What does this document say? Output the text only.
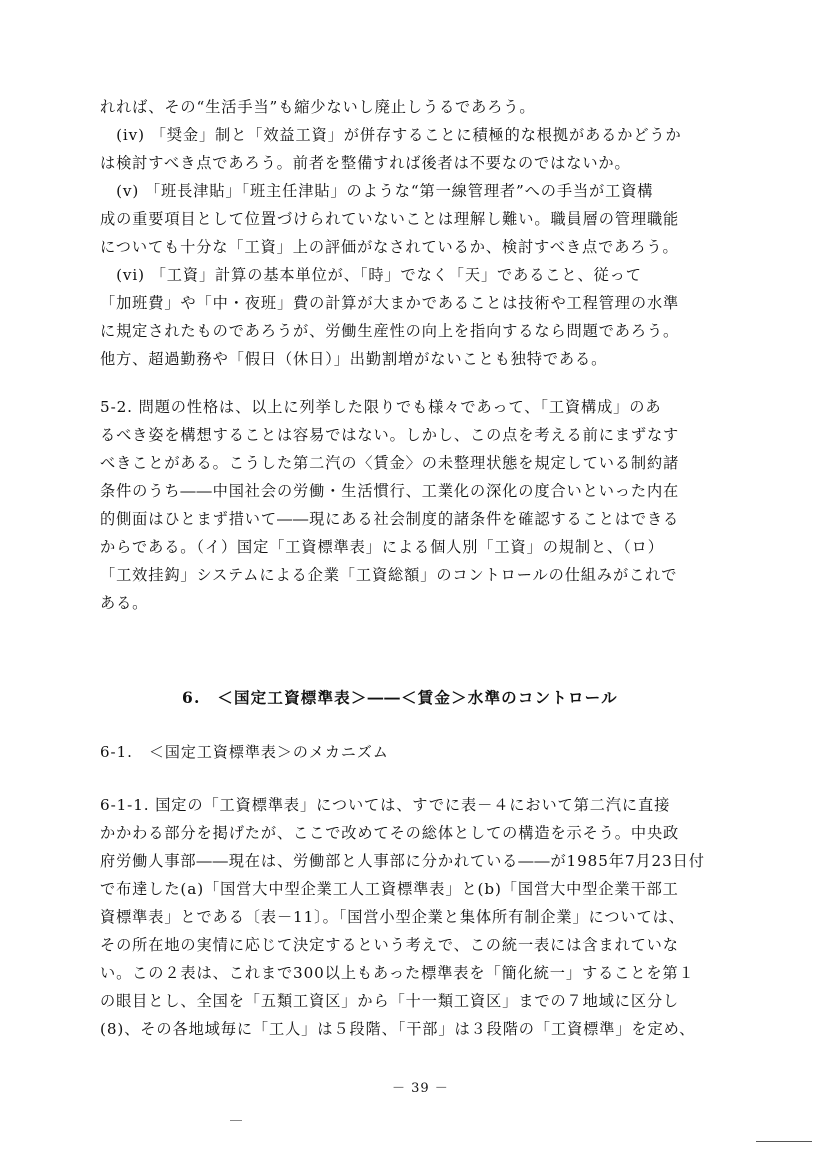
れれば、その“生活手当”も縮少ないし廃止しうるであろう。
　(iv) 「奨金」制と「效益工資」が併存することに積極的な根拠があるかどうか
は検討すべき点であろう。前者を整備すれば後者は不要なのではないか。
　(v) 「班長津貼」「班主任津貼」のような“第一線管理者”への手当が工資構
成の重要項目として位置づけられていないことは理解し難い。職員層の管理職能
についても十分な「工資」上の評価がなされているか、検討すべき点であろう。
　(vi) 「工資」計算の基本単位が、「時」でなく「天」であること、従って
「加班費」や「中・夜班」費の計算が大まかであることは技術や工程管理の水準
に規定されたものであろうが、労働生産性の向上を指向するなら問題であろう。
他方、超過勤務や「假日（休日）」出勤割増がないことも独特である。
5-2. 問題の性格は、以上に列挙した限りでも様々であって、「工資構成」のあ
るべき姿を構想することは容易ではない。しかし、この点を考える前にまずなす
べきことがある。こうした第二汽の〈賃金〉の未整理状態を規定している制約諸
条件のうち――中国社会の労働・生活慣行、工業化の深化の度合いといった内在
的側面はひとまず措いて――現にある社会制度的諸条件を確認することはできる
からである。（イ）国定「工資標準表」による個人別「工資」の規制と、（ロ）
「工效挂鈎」システムによる企業「工資総額」のコントロールの仕組みがこれで
ある。
6.　＜国定工資標準表＞――＜賃金＞水準のコントロール
6-1.　＜国定工資標準表＞のメカニズム
6-1-1. 国定の「工資標準表」については、すでに表－４において第二汽に直接
かかわる部分を掲げたが、ここで改めてその総体としての構造を示そう。中央政
府労働人事部――現在は、労働部と人事部に分かれている――が1985年7月23日付
で布達した(a)「国営大中型企業工人工資標準表」と(b)「国営大中型企業干部工
資標準表」とである〔表－11〕。「国営小型企業と集体所有制企業」については、
その所在地の実情に応じて決定するという考えで、この統一表には含まれていな
い。この２表は、これまで300以上もあった標準表を「簡化統一」することを第１
の眼目とし、全国を「五類工資区」から「十一類工資区」までの７地域に区分し
(8)、その各地域毎に「工人」は５段階、「干部」は３段階の「工資標準」を定め、
－ 39 －
